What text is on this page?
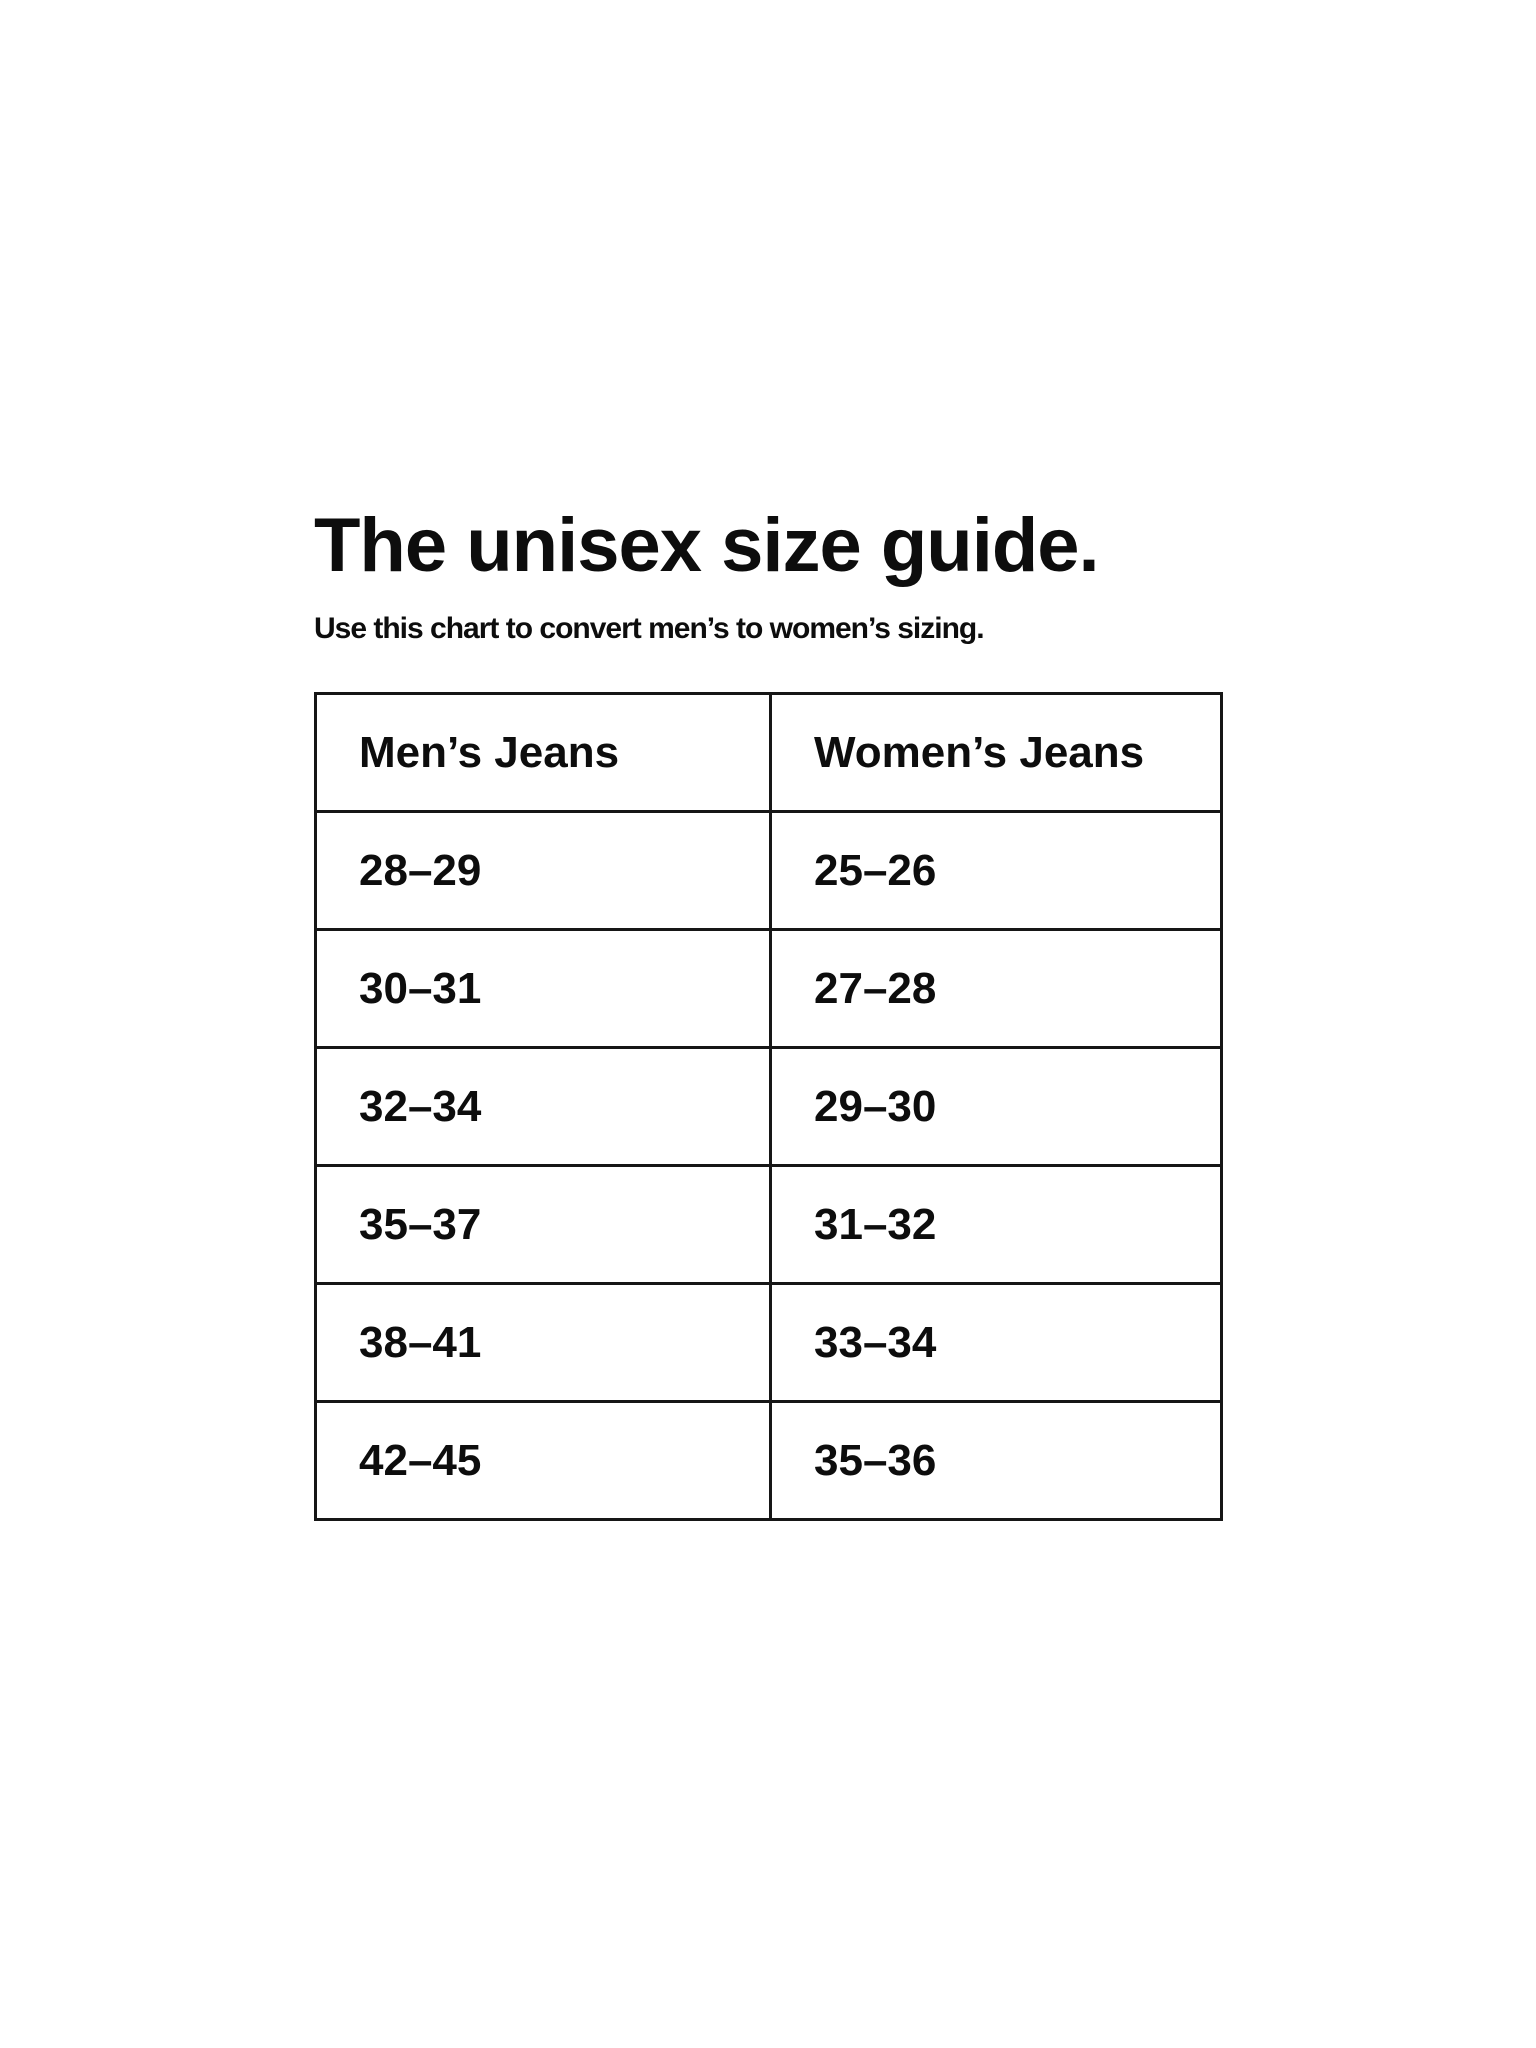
The unisex size guide.

Use this chart to convert men’s to women’s sizing.

Men’s Jeans	Women’s Jeans
28–29	25–26
30–31	27–28
32–34	29–30
35–37	31–32
38–41	33–34
42–45	35–36
